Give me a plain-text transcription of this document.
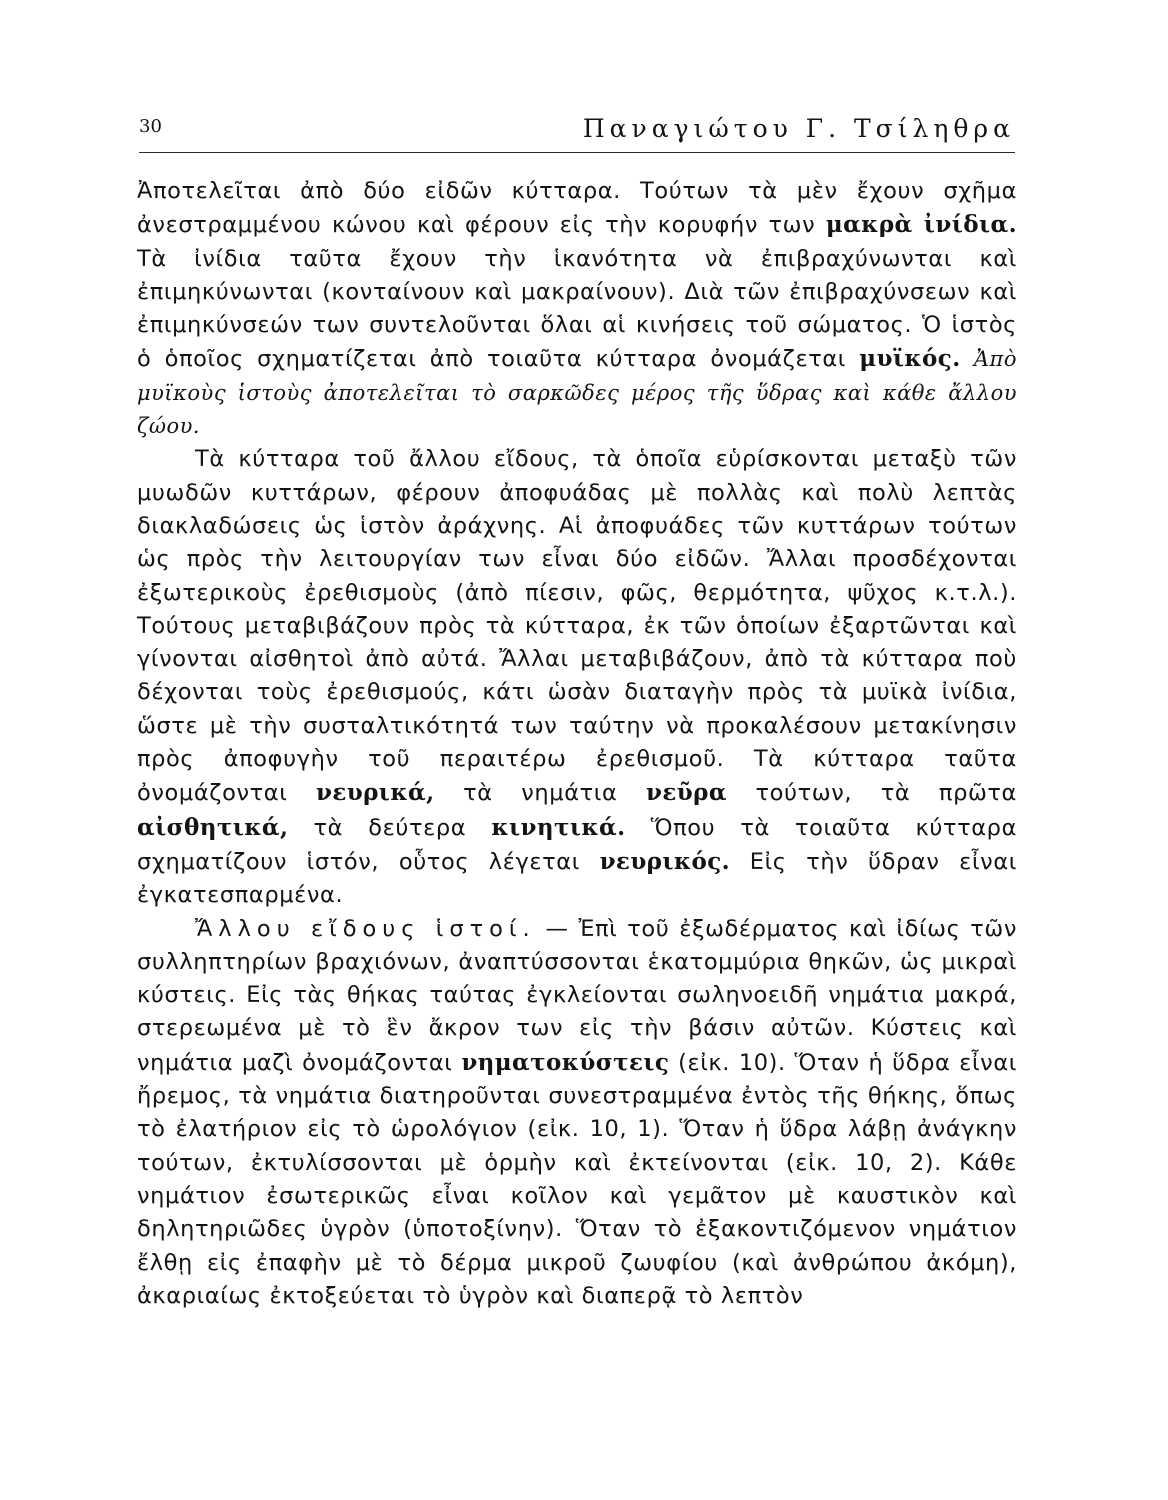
30	Παναγιώτου Γ. Τσίληθρα

Ἀποτελεῖται ἀπὸ δύο εἰδῶν κύτταρα. Τούτων τὰ μὲν ἔχουν σχῆμα ἀνεστραμμένου κώνου καὶ φέρουν εἰς τὴν κορυφήν των μακρὰ ἰνίδια. Τὰ ἰνίδια ταῦτα ἔχουν τὴν ἱκανότητα νὰ ἐπιβραχύνωνται καὶ ἐπιμηκύνωνται (κονταίνουν καὶ μακραίνουν). Διὰ τῶν ἐπιβραχύνσεων καὶ ἐπιμηκύνσεών των συντελοῦνται ὅλαι αἱ κινήσεις τοῦ σώματος. Ὁ ἱστὸς ὁ ὁποῖος σχηματίζεται ἀπὸ τοιαῦτα κύτταρα ὀνομάζεται μυϊκός. Ἀπὸ μυϊκοὺς ἱστοὺς ἀποτελεῖται τὸ σαρκῶδες μέρος τῆς ὕδρας καὶ κάθε ἄλλου ζώου.

Τὰ κύτταρα τοῦ ἄλλου εἴδους, τὰ ὁποῖα εὑρίσκονται μεταξὺ τῶν μυωδῶν κυττάρων, φέρουν ἀποφυάδας μὲ πολλὰς καὶ πολὺ λεπτὰς διακλαδώσεις ὡς ἱστὸν ἀράχνης. Αἱ ἀποφυάδες τῶν κυττάρων τούτων ὡς πρὸς τὴν λειτουργίαν των εἶναι δύο εἰδῶν. Ἄλλαι προσδέχονται ἐξωτερικοὺς ἐρεθισμοὺς (ἀπὸ πίεσιν, φῶς, θερμότητα, ψῦχος κ.τ.λ.). Τούτους μεταβιβάζουν πρὸς τὰ κύτταρα, ἐκ τῶν ὁποίων ἐξαρτῶνται καὶ γίνονται αἰσθητοὶ ἀπὸ αὐτά. Ἄλλαι μεταβιβάζουν, ἀπὸ τὰ κύτταρα ποὺ δέχονται τοὺς ἐρεθισμούς, κάτι ὡσὰν διαταγὴν πρὸς τὰ μυϊκὰ ἰνίδια, ὥστε μὲ τὴν συσταλτικότητά των ταύτην νὰ προκαλέσουν μετακίνησιν πρὸς ἀποφυγὴν τοῦ περαιτέρω ἐρεθισμοῦ. Τὰ κύτταρα ταῦτα ὀνομάζονται νευρικά, τὰ νημάτια νεῦρα τούτων, τὰ πρῶτα αἰσθητικά, τὰ δεύτερα κινητικά. Ὅπου τὰ τοιαῦτα κύτταρα σχηματίζουν ἱστόν, οὗτος λέγεται νευρικός. Εἰς τὴν ὕδραν εἶναι ἐγκατεσπαρμένα.

Ἄλλου εἴδους ἱστοί. — Ἐπὶ τοῦ ἐξωδέρματος καὶ ἰδίως τῶν συλληπτηρίων βραχιόνων, ἀναπτύσσονται ἑκατομμύρια θηκῶν, ὡς μικραὶ κύστεις. Εἰς τὰς θήκας ταύτας ἐγκλείονται σωληνοειδῆ νημάτια μακρά, στερεωμένα μὲ τὸ ἓν ἄκρον των εἰς τὴν βάσιν αὐτῶν. Κύστεις καὶ νημάτια μαζὶ ὀνομάζονται νηματοκύστεις (εἰκ. 10). Ὅταν ἡ ὕδρα εἶναι ἤρεμος, τὰ νημάτια διατηροῦνται συνεστραμμένα ἐντὸς τῆς θήκης, ὅπως τὸ ἐλατήριον εἰς τὸ ὡρολόγιον (εἰκ. 10, 1). Ὅταν ἡ ὕδρα λάβῃ ἀνάγκην τούτων, ἐκτυλίσσονται μὲ ὁρμὴν καὶ ἐκτείνονται (εἰκ. 10, 2). Κάθε νημάτιον ἐσωτερικῶς εἶναι κοῖλον καὶ γεμᾶτον μὲ καυστικὸν καὶ δηλητηριῶδες ὑγρὸν (ὑποτοξίνην). Ὅταν τὸ ἐξακοντιζόμενον νημάτιον ἔλθῃ εἰς ἐπαφὴν μὲ τὸ δέρμα μικροῦ ζωυφίου (καὶ ἀνθρώπου ἀκόμη), ἀκαριαίως ἐκτοξεύεται τὸ ὑγρὸν καὶ διαπερᾷ τὸ λεπτὸν
